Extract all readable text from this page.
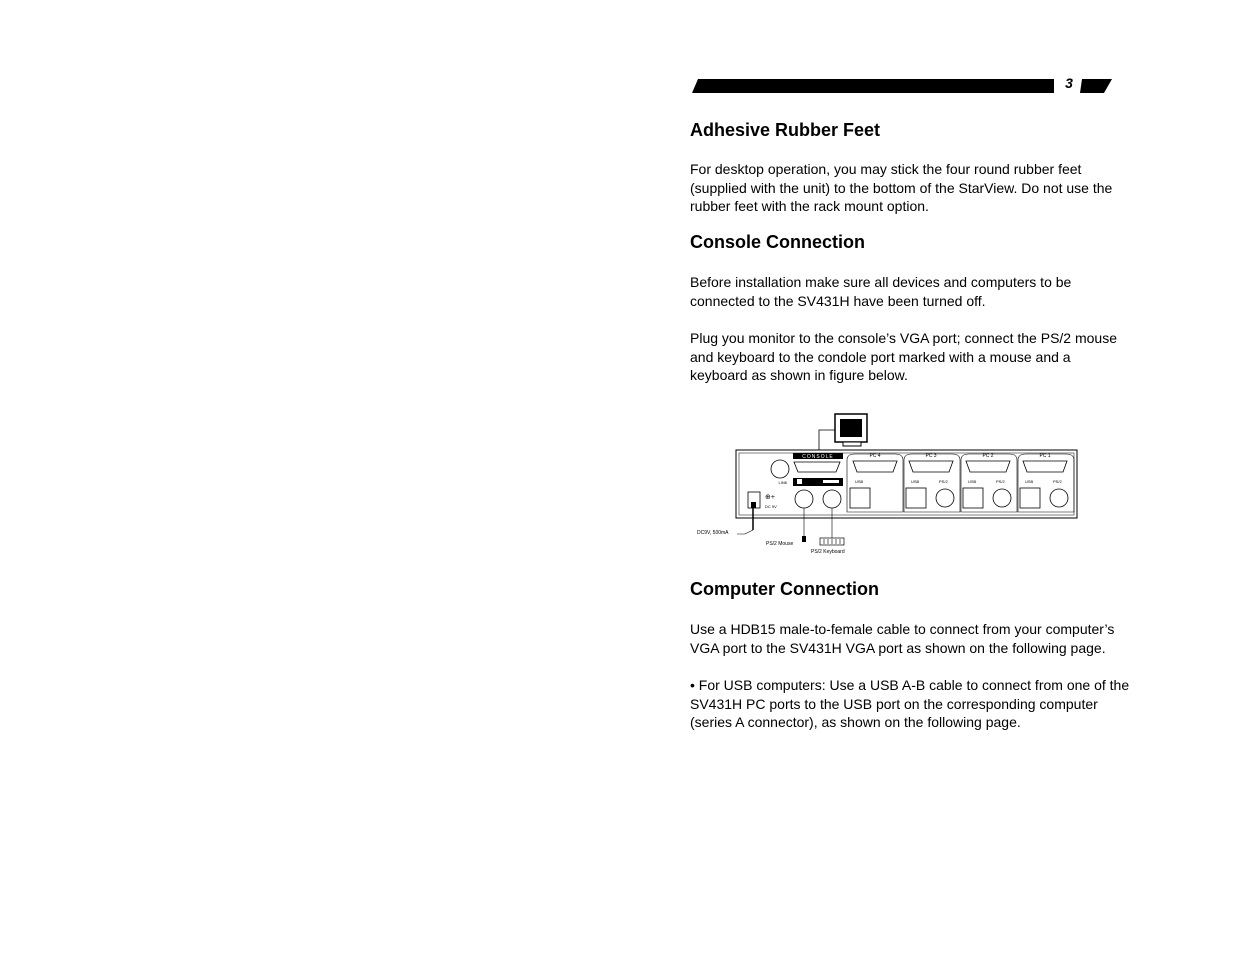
3
Adhesive Rubber Feet

For desktop operation, you may stick the four round rubber feet (supplied with the unit) to the bottom of the StarView. Do not use the rubber feet with the rack mount option.

Console Connection

Before installation make sure all devices and computers to be connected to the SV431H have been turned off.

Plug you monitor to the console’s VGA port; connect the PS/2 mouse and keyboard to the condole port marked with a mouse and a keyboard as shown in figure below.

Computer Connection

Use a HDB15 male-to-female cable to connect from your computer’s VGA port to the SV431H VGA port as shown on the following page.

• For USB computers: Use a USB A-B cable to connect from one of the SV431H PC ports to the USB port on the corresponding computer (series A connector), as shown on the following page.

CONSOLE
LINK
⊕+
DC 9V
DC9V, 500mA
PS/2 Mouse
PS/2 Keyboard
PC 4
USB
PC 3
USB	PS/2
PC 2
USB	PS/2
PC 1
USB	PS/2
